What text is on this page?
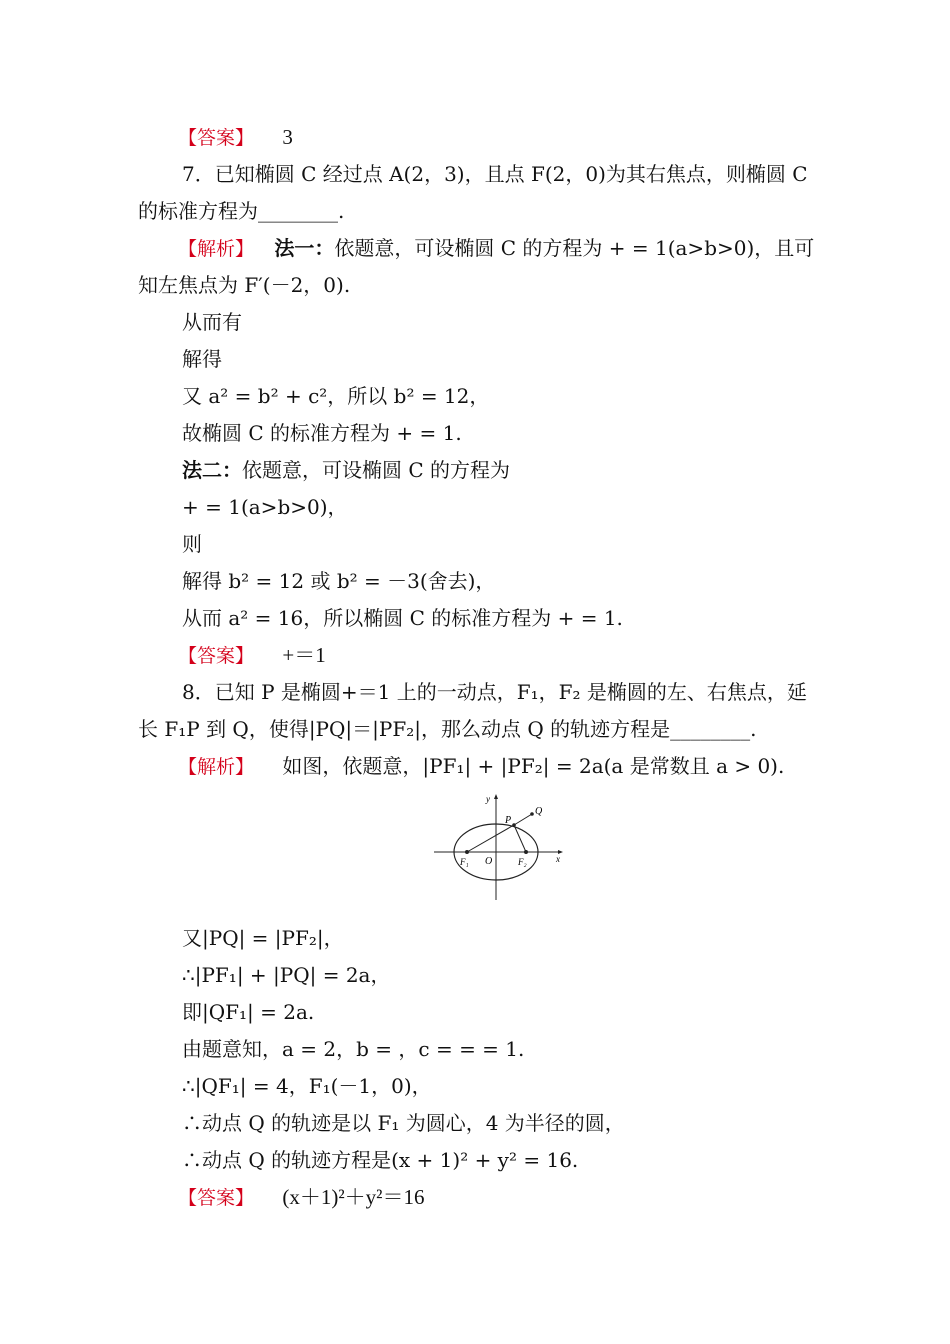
【答案】 3
7．已知椭圆 C 经过点 A(2，3)，且点 F(2，0)为其右焦点，则椭圆 C
的标准方程为________.
【解析】 法一：依题意，可设椭圆 C 的方程为 + = 1(a>b>0)，且可
知左焦点为 F′(－2，0).
从而有
解得
又 a² = b² + c²，所以 b² = 12，
故椭圆 C 的标准方程为 + = 1.
法二：依题意，可设椭圆 C 的方程为
+ = 1(a>b>0)，
则
解得 b² = 12 或 b² = －3(舍去)，
从而 a² = 16，所以椭圆 C 的标准方程为 + = 1.
【答案】 +＝1
8．已知 P 是椭圆+＝1 上的一动点，F₁，F₂ 是椭圆的左、右焦点，延
长 F₁P 到 Q，使得|PQ|＝|PF₂|，那么动点 Q 的轨迹方程是________.
【解析】 如图，依题意，|PF₁| + |PF₂| = 2a(a 是常数且 a > 0).
y
x
O
P
Q
F₁	F₂
又|PQ| = |PF₂|，
∴|PF₁| + |PQ| = 2a，
即|QF₁| = 2a.
由题意知，a = 2，b = ，c = = = 1.
∴|QF₁| = 4，F₁(－1，0)，
∴动点 Q 的轨迹是以 F₁ 为圆心，4 为半径的圆，
∴动点 Q 的轨迹方程是(x + 1)² + y² = 16.
【答案】 (x＋1)²＋y²＝16
